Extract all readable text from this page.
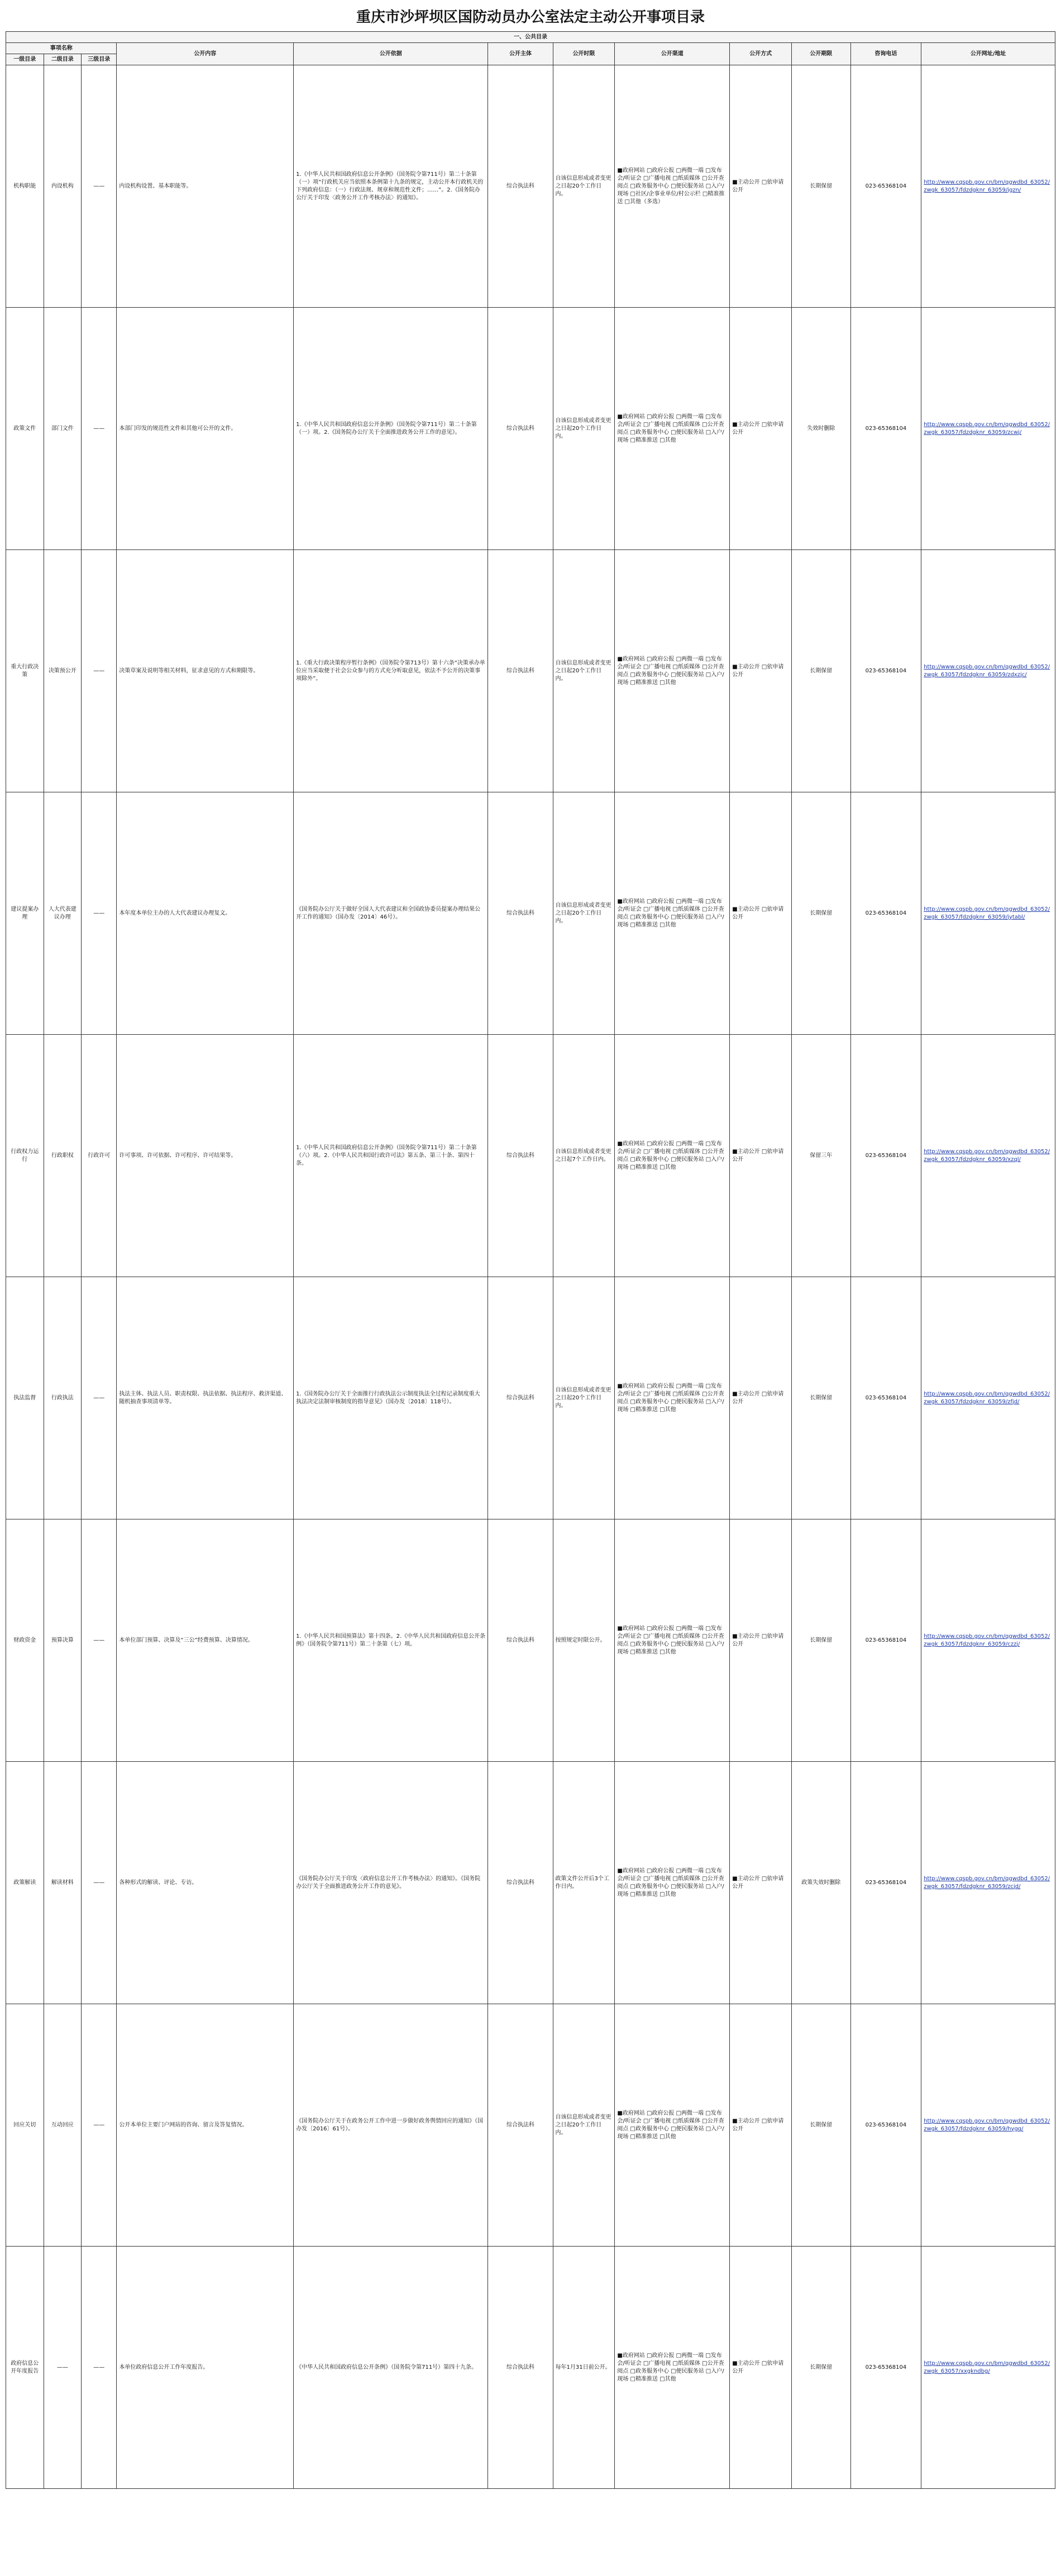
重庆市沙坪坝区国防动员办公室法定主动公开事项目录
一、公共目录											
事项名称			公开内容	公开依据	公开主体	公开时限	公开渠道	公开方式	公开期限	咨询电话	公开网址/地址
一级目录	二级目录	三级目录									
机构职能	内设机构	——	内设机构设置、基本职能等。	1.《中华人民共和国政府信息公开条例》（国务院令第711号）第二十条第（一）项“行政机关应当依照本条例第十九条的规定，主动公开本行政机关的下列政府信息：（一）行政法规、规章和规范性文件；……”。2.《国务院办公厅关于印发〈政务公开工作考核办法〉的通知》。	综合执法科	自该信息形成或者变更之日起20个工作日内。	■政府网站 □政府公报 □两微一端 □发布会/听证会 □广播电视 □纸质媒体 □公开查阅点 □政务服务中心 □便民服务站 □入户/现场 □社区/企事业单位/村公示栏 □精准推送 □其他（多选）	■主动公开 □依申请公开	长期保留	023-65368104	http://www.cqspb.gov.cn/bm/qgwdbd_63052/zwgk_63057/fdzdgknr_63059/jgzn/
政策文件	部门文件	——	本部门印发的规范性文件和其他可公开的文件。	1.《中华人民共和国政府信息公开条例》（国务院令第711号）第二十条第（一）项。2.《国务院办公厅关于全面推进政务公开工作的意见》。	综合执法科	自该信息形成或者变更之日起20个工作日内。	■政府网站 □政府公报 □两微一端 □发布会/听证会 □广播电视 □纸质媒体 □公开查阅点 □政务服务中心 □便民服务站 □入户/现场 □精准推送 □其他	■主动公开 □依申请公开	失效时删除	023-65368104	http://www.cqspb.gov.cn/bm/qgwdbd_63052/zwgk_63057/fdzdgknr_63059/zcwj/
重大行政决策	决策预公开	——	决策草案及说明等相关材料，征求意见的方式和期限等。	1.《重大行政决策程序暂行条例》（国务院令第713号）第十六条“决策承办单位应当采取便于社会公众参与的方式充分听取意见，依法不予公开的决策事项除外”。	综合执法科	自该信息形成或者变更之日起20个工作日内。	■政府网站 □政府公报 □两微一端 □发布会/听证会 □广播电视 □纸质媒体 □公开查阅点 □政务服务中心 □便民服务站 □入户/现场 □精准推送 □其他	■主动公开 □依申请公开	长期保留	023-65368104	http://www.cqspb.gov.cn/bm/qgwdbd_63052/zwgk_63057/fdzdgknr_63059/zdxzjc/
建议提案办理	人大代表建议办理	——	本年度本单位主办的人大代表建议办理复文。	《国务院办公厅关于做好全国人大代表建议和全国政协委员提案办理结果公开工作的通知》（国办发〔2014〕46号）。	综合执法科	自该信息形成或者变更之日起20个工作日内。	■政府网站 □政府公报 □两微一端 □发布会/听证会 □广播电视 □纸质媒体 □公开查阅点 □政务服务中心 □便民服务站 □入户/现场 □精准推送 □其他	■主动公开 □依申请公开	长期保留	023-65368104	http://www.cqspb.gov.cn/bm/qgwdbd_63052/zwgk_63057/fdzdgknr_63059/jytabl/
行政权力运行	行政职权	行政许可	许可事项、许可依据、许可程序、许可结果等。	1.《中华人民共和国政府信息公开条例》（国务院令第711号）第二十条第（六）项。2.《中华人民共和国行政许可法》第五条、第三十条、第四十条。	综合执法科	自该信息形成或者变更之日起7个工作日内。	■政府网站 □政府公报 □两微一端 □发布会/听证会 □广播电视 □纸质媒体 □公开查阅点 □政务服务中心 □便民服务站 □入户/现场 □精准推送 □其他	■主动公开 □依申请公开	保留三年	023-65368104	http://www.cqspb.gov.cn/bm/qgwdbd_63052/zwgk_63057/fdzdgknr_63059/xzql/
执法监督	行政执法	——	执法主体、执法人员、职责权限、执法依据、执法程序、救济渠道、随机抽查事项清单等。	1.《国务院办公厅关于全面推行行政执法公示制度执法全过程记录制度重大执法决定法制审核制度的指导意见》（国办发〔2018〕118号）。	综合执法科	自该信息形成或者变更之日起20个工作日内。	■政府网站 □政府公报 □两微一端 □发布会/听证会 □广播电视 □纸质媒体 □公开查阅点 □政务服务中心 □便民服务站 □入户/现场 □精准推送 □其他	■主动公开 □依申请公开	长期保留	023-65368104	http://www.cqspb.gov.cn/bm/qgwdbd_63052/zwgk_63057/fdzdgknr_63059/zfjd/
财政资金	预算决算	——	本单位部门预算、决算及“三公”经费预算、决算情况。	1.《中华人民共和国预算法》第十四条。2.《中华人民共和国政府信息公开条例》（国务院令第711号）第二十条第（七）项。	综合执法科	按照规定时限公开。	■政府网站 □政府公报 □两微一端 □发布会/听证会 □广播电视 □纸质媒体 □公开查阅点 □政务服务中心 □便民服务站 □入户/现场 □精准推送 □其他	■主动公开 □依申请公开	长期保留	023-65368104	http://www.cqspb.gov.cn/bm/qgwdbd_63052/zwgk_63057/fdzdgknr_63059/czzj/
政策解读	解读材料	——	各种形式的解读、评论、专访。	《国务院办公厅关于印发〈政府信息公开工作考核办法〉的通知》。《国务院办公厅关于全面推进政务公开工作的意见》。	综合执法科	政策文件公开后3个工作日内。	■政府网站 □政府公报 □两微一端 □发布会/听证会 □广播电视 □纸质媒体 □公开查阅点 □政务服务中心 □便民服务站 □入户/现场 □精准推送 □其他	■主动公开 □依申请公开	政策失效时删除	023-65368104	http://www.cqspb.gov.cn/bm/qgwdbd_63052/zwgk_63057/fdzdgknr_63059/zcjd/
回应关切	互动回应	——	公开本单位主要门户网站的咨询、留言及答复情况。	《国务院办公厅关于在政务公开工作中进一步做好政务舆情回应的通知》（国办发〔2016〕61号）。	综合执法科	自该信息形成或者变更之日起20个工作日内。	■政府网站 □政府公报 □两微一端 □发布会/听证会 □广播电视 □纸质媒体 □公开查阅点 □政务服务中心 □便民服务站 □入户/现场 □精准推送 □其他	■主动公开 □依申请公开	长期保留	023-65368104	http://www.cqspb.gov.cn/bm/qgwdbd_63052/zwgk_63057/fdzdgknr_63059/hygq/
政府信息公开年度报告	——	——	本单位政府信息公开工作年度报告。	《中华人民共和国政府信息公开条例》（国务院令第711号）第四十九条。	综合执法科	每年1月31日前公开。	■政府网站 □政府公报 □两微一端 □发布会/听证会 □广播电视 □纸质媒体 □公开查阅点 □政务服务中心 □便民服务站 □入户/现场 □精准推送 □其他	■主动公开 □依申请公开	长期保留	023-65368104	http://www.cqspb.gov.cn/bm/qgwdbd_63052/zwgk_63057/xxgkndbg/
